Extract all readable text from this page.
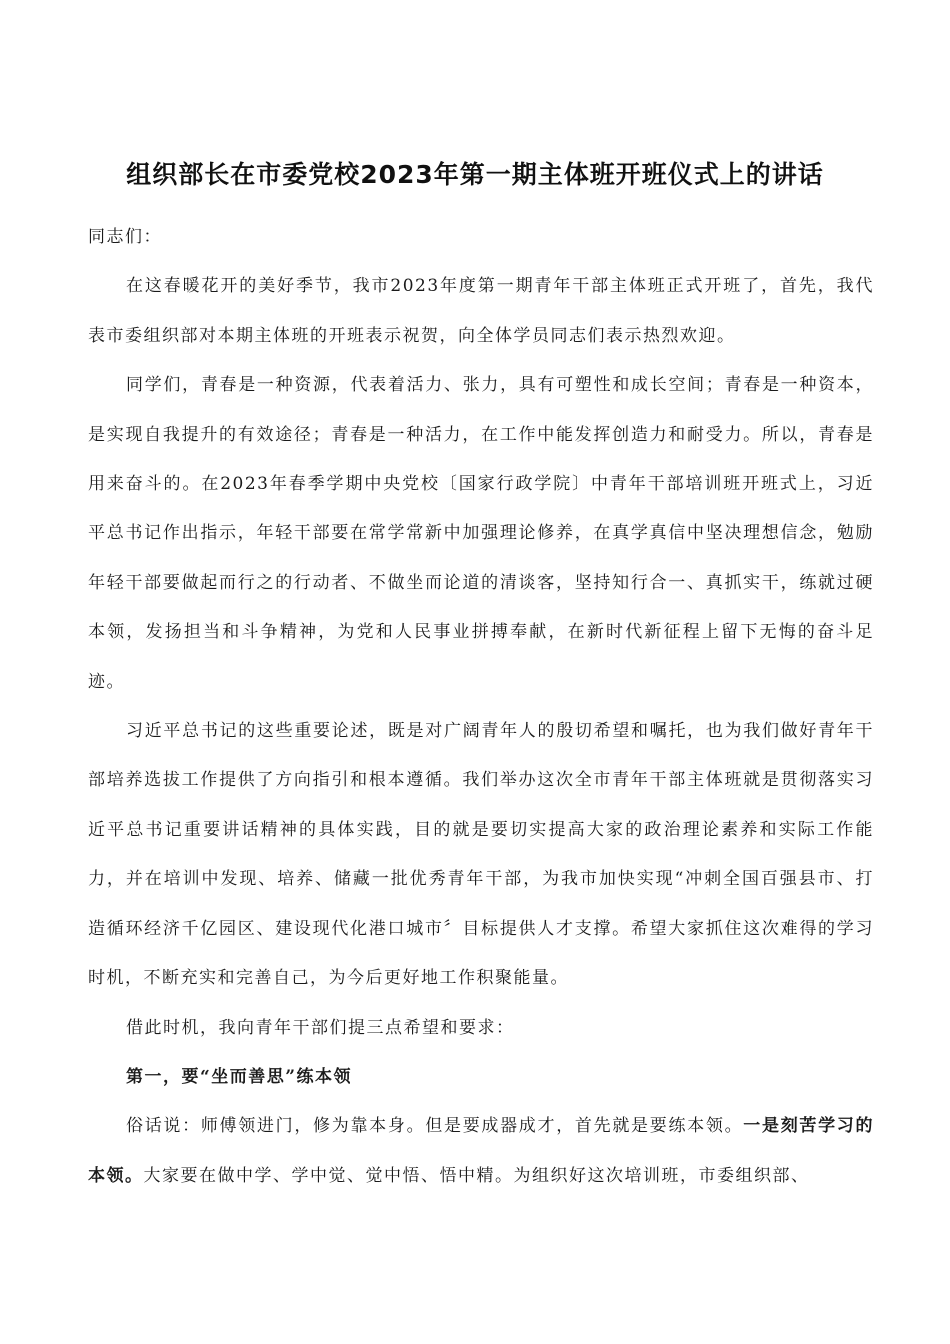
组织部长在市委党校2023年第一期主体班开班仪式上的讲话

同志们：

在这春暖花开的美好季节，我市2023年度第一期青年干部主体班正式开班了，首先，我代表市委组织部对本期主体班的开班表示祝贺，向全体学员同志们表示热烈欢迎。

同学们，青春是一种资源，代表着活力、张力，具有可塑性和成长空间；青春是一种资本，是实现自我提升的有效途径；青春是一种活力，在工作中能发挥创造力和耐受力。所以，青春是用来奋斗的。在2023年春季学期中央党校〔国家行政学院〕中青年干部培训班开班式上，习近平总书记作出指示，年轻干部要在常学常新中加强理论修养，在真学真信中坚决理想信念，勉励年轻干部要做起而行之的行动者、不做坐而论道的清谈客，坚持知行合一、真抓实干，练就过硬本领，发扬担当和斗争精神，为党和人民事业拼搏奉献，在新时代新征程上留下无悔的奋斗足迹。

习近平总书记的这些重要论述，既是对广阔青年人的殷切希望和嘱托，也为我们做好青年干部培养选拔工作提供了方向指引和根本遵循。我们举办这次全市青年干部主体班就是贯彻落实习近平总书记重要讲话精神的具体实践，目的就是要切实提高大家的政治理论素养和实际工作能力，并在培训中发现、培养、储藏一批优秀青年干部，为我市加快实现“冲刺全国百强县市、打造循环经济千亿园区、建设现代化港口城市〞目标提供人才支撑。希望大家抓住这次难得的学习时机，不断充实和完善自己，为今后更好地工作积聚能量。

借此时机，我向青年干部们提三点希望和要求：

第一，要“坐而善思”练本领

俗话说：师傅领进门，修为靠本身。但是要成器成才，首先就是要练本领。一是刻苦学习的本领。大家要在做中学、学中觉、觉中悟、悟中精。为组织好这次培训班，市委组织部、
